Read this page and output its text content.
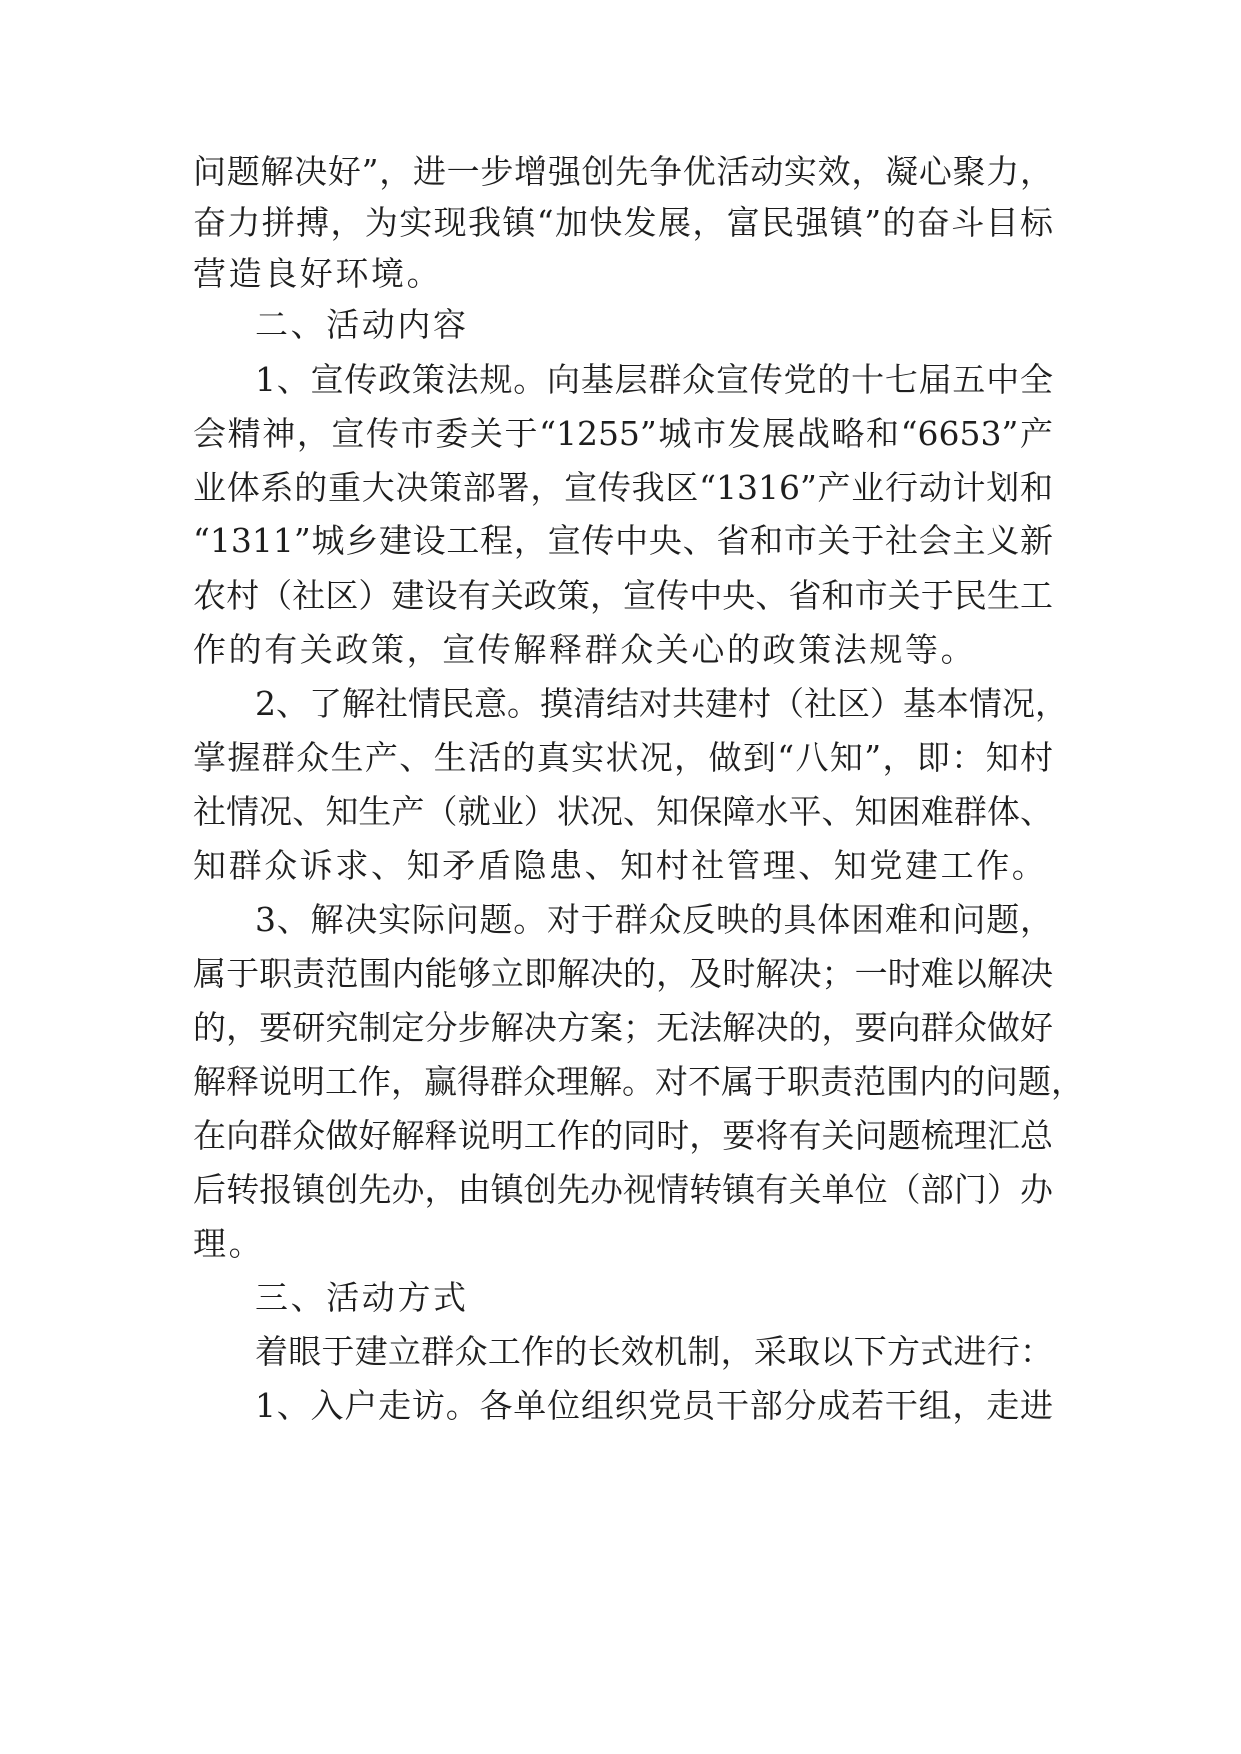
问题解决好”，进一步增强创先争优活动实效，凝心聚力，
奋力拼搏，为实现我镇“加快发展，富民强镇”的奋斗目标
营造良好环境。
二、活动内容
1、宣传政策法规。向基层群众宣传党的十七届五中全
会精神，宣传市委关于“1255”城市发展战略和“6653”产
业体系的重大决策部署，宣传我区“1316”产业行动计划和
“1311”城乡建设工程，宣传中央、省和市关于社会主义新
农村（社区）建设有关政策，宣传中央、省和市关于民生工
作的有关政策，宣传解释群众关心的政策法规等。
2、了解社情民意。摸清结对共建村（社区）基本情况，
掌握群众生产、生活的真实状况，做到“八知”，即：知村
社情况、知生产（就业）状况、知保障水平、知困难群体、
知群众诉求、知矛盾隐患、知村社管理、知党建工作。
3、解决实际问题。对于群众反映的具体困难和问题，
属于职责范围内能够立即解决的，及时解决；一时难以解决
的，要研究制定分步解决方案；无法解决的，要向群众做好
解释说明工作，赢得群众理解。对不属于职责范围内的问题，
在向群众做好解释说明工作的同时，要将有关问题梳理汇总
后转报镇创先办，由镇创先办视情转镇有关单位（部门）办
理。
三、活动方式
着眼于建立群众工作的长效机制，采取以下方式进行：
1、入户走访。各单位组织党员干部分成若干组，走进
